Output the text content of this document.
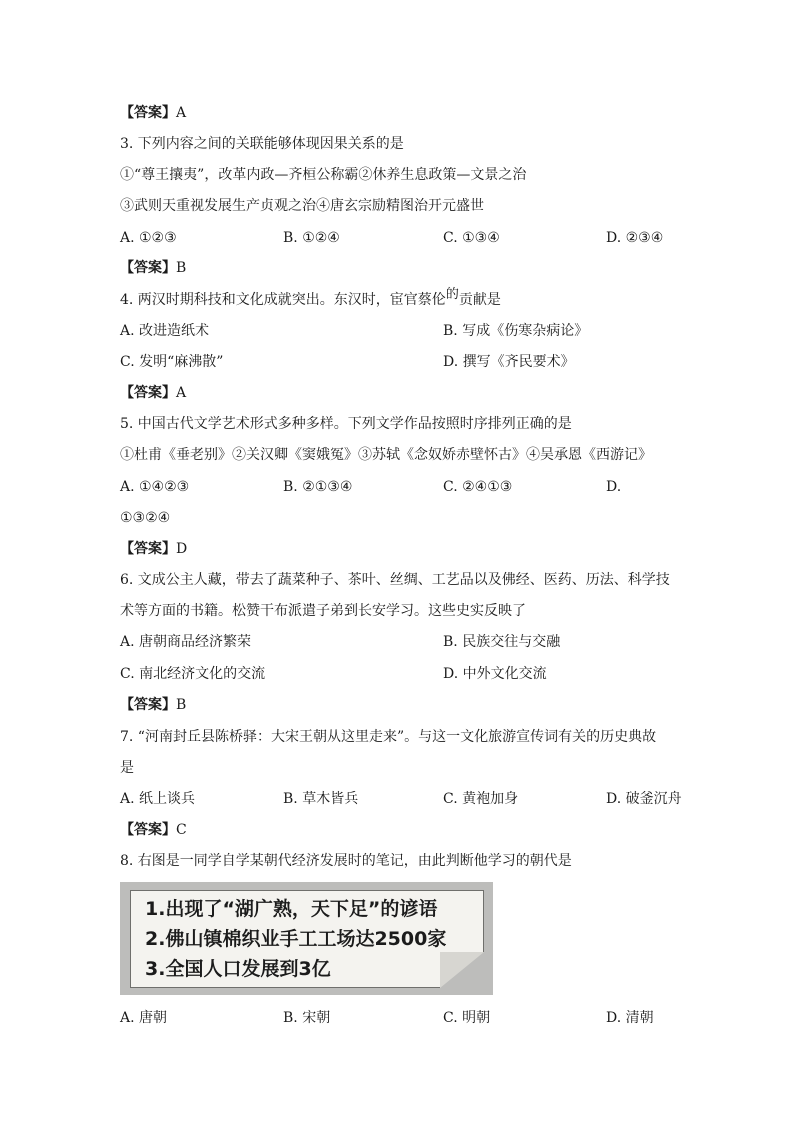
【答案】A
3. 下列内容之间的关联能够体现因果关系的是
①“尊王攘夷”，改革内政—齐桓公称霸②休养生息政策—文景之治
③武则天重视发展生产贞观之治④唐玄宗励精图治开元盛世
A. ①②③	B. ①②④	C. ①③④	D. ②③④
【答案】B
4. 两汉时期科技和文化成就突出。东汉时，宦官蔡伦的贡献是
A. 改进造纸术	B. 写成《伤寒杂病论》
C. 发明“麻沸散”	D. 撰写《齐民要术》
【答案】A
5. 中国古代文学艺术形式多种多样。下列文学作品按照时序排列正确的是
①杜甫《垂老别》②关汉卿《窦娥冤》③苏轼《念奴娇赤壁怀古》④吴承恩《西游记》
A. ①④②③	B. ②①③④	C. ②④①③	D.
①③②④
【答案】D
6. 文成公主人藏，带去了蔬菜种子、茶叶、丝绸、工艺品以及佛经、医药、历法、科学技
术等方面的书籍。松赞干布派遣子弟到长安学习。这些史实反映了
A. 唐朝商品经济繁荣	B. 民族交往与交融
C. 南北经济文化的交流	D. 中外文化交流
【答案】B
7. “河南封丘县陈桥驿：大宋王朝从这里走来”。与这一文化旅游宣传词有关的历史典故
是
A. 纸上谈兵	B. 草木皆兵	C. 黄袍加身	D. 破釜沉舟
【答案】C
8. 右图是一同学自学某朝代经济发展时的笔记，由此判断他学习的朝代是
1.出现了“湖广熟，天下足”的谚语
2.佛山镇棉织业手工工场达2500家
3.全国人口发展到3亿
A. 唐朝	B. 宋朝	C. 明朝	D. 清朝
